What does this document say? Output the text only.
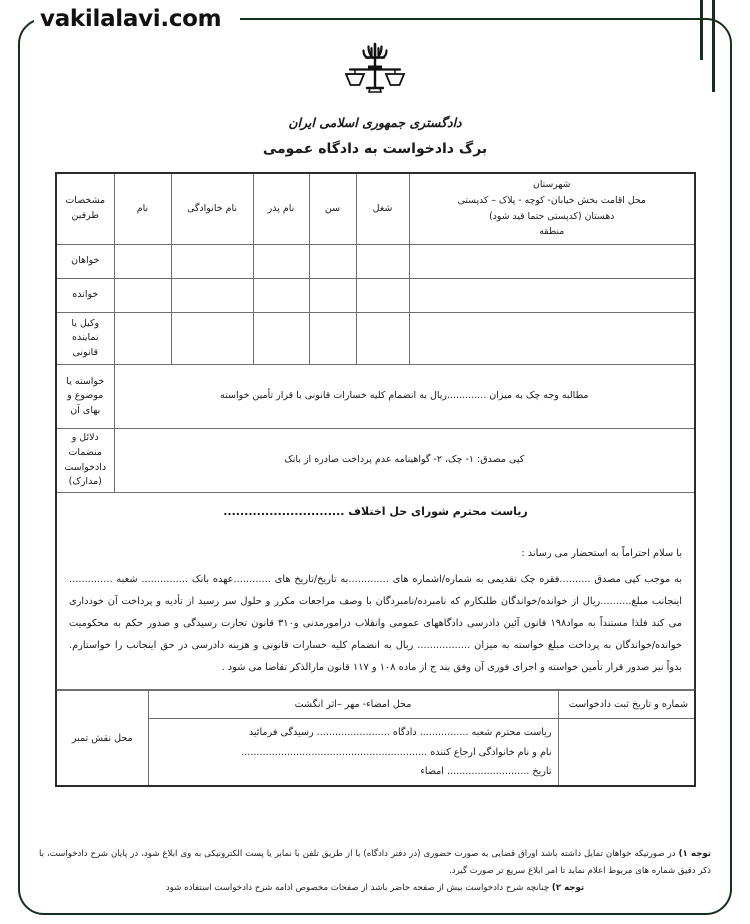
vakilalavi.com
دادگستری جمهوری اسلامی ایران
برگ دادخواست به دادگاه عمومی
شهرستان
محل اقامت بخش خیابان- کوچه - پلاک – کدپستی
دهستان (کدپستی حتما قید شود)
منطقه	شغل	سن	نام پدر	نام خانوادگی	نام	مشخصات طرفین
						خواهان
						خوانده
						وکیل یا نماینده قانونی
مطالبه وجه چک به میزان .............ریال به انضمام کلیه خسارات قانونی با قرار تأمین خواسته						خواسته یا موضوع و بهای آن
کپی مصدق: ۱- چک، ۲- گواهینامه عدم پرداخت صادره از بانک						دلائل و منضمات دادخواست (مدارک)
ریاست محترم شورای حل اختلاف .............................
با سلام احتراماً به استحضار می رساند :

به موجب کپی مصدق ..........فقره چک تقدیمی به شماره/اشماره های .............به تاریخ/تاریخ های ............عهده بانک ............... شعبه .............. اینجانب مبلغ..........ریال از خوانده/خواندگان طلبکارم که نامبرده/نامبردگان با وصف مراجعات مکرر و حلول سر رسید از تأدیه و پرداخت آن خودداری می کند فلذا مستنداً به مواد۱۹۸ قانون آئین دادرسی دادگاههای عمومی وانقلاب درامورمدنی و۳۱۰ قانون تجارت رسیدگی و صدور حکم به محکومیت خوانده/خواندگان به پرداخت مبلغ خواسته به میزان ................. ریال به انضمام کلیه خسارات قانونی و هزینه دادرسی در حق اینجانب را خواستارم. بدواً نیز صدور قرار تأمین خواسته و اجرای فوری آن وفق بند ج از ماده ۱۰۸ و ۱۱۷ قانون مارالذکر تقاضا می شود .

شماره و تاریخ ثبت دادخواست	محل امضاء- مهر –اثر انگشت	محل نقش تمبر

	ریاست محترم شعبه ................ دادگاه ........................ رسیدگی فرمائید
نام و نام خانوادگی ارجاع کننده .............................................................
تاریخ ........................... امضاء	
توجه ۱) در صورتیکه خواهان تمایل داشته باشد اوراق قضایی به صورت حضوری (در دفتر دادگاه) با از طریق تلفن با نمابر یا پست الکترونیکی به وی ابلاغ شود، در پایان شرح دادخواست، با ذکر دقیق شماره های مربوط اعلام نماید تا امر ابلاغ سریع تر صورت گیرد.
توجه ۲) چنانچه شرح دادخواست بیش از صفحه حاضر باشد از صفحات مخصوص ادامه شرح دادخواست استفاده شود
